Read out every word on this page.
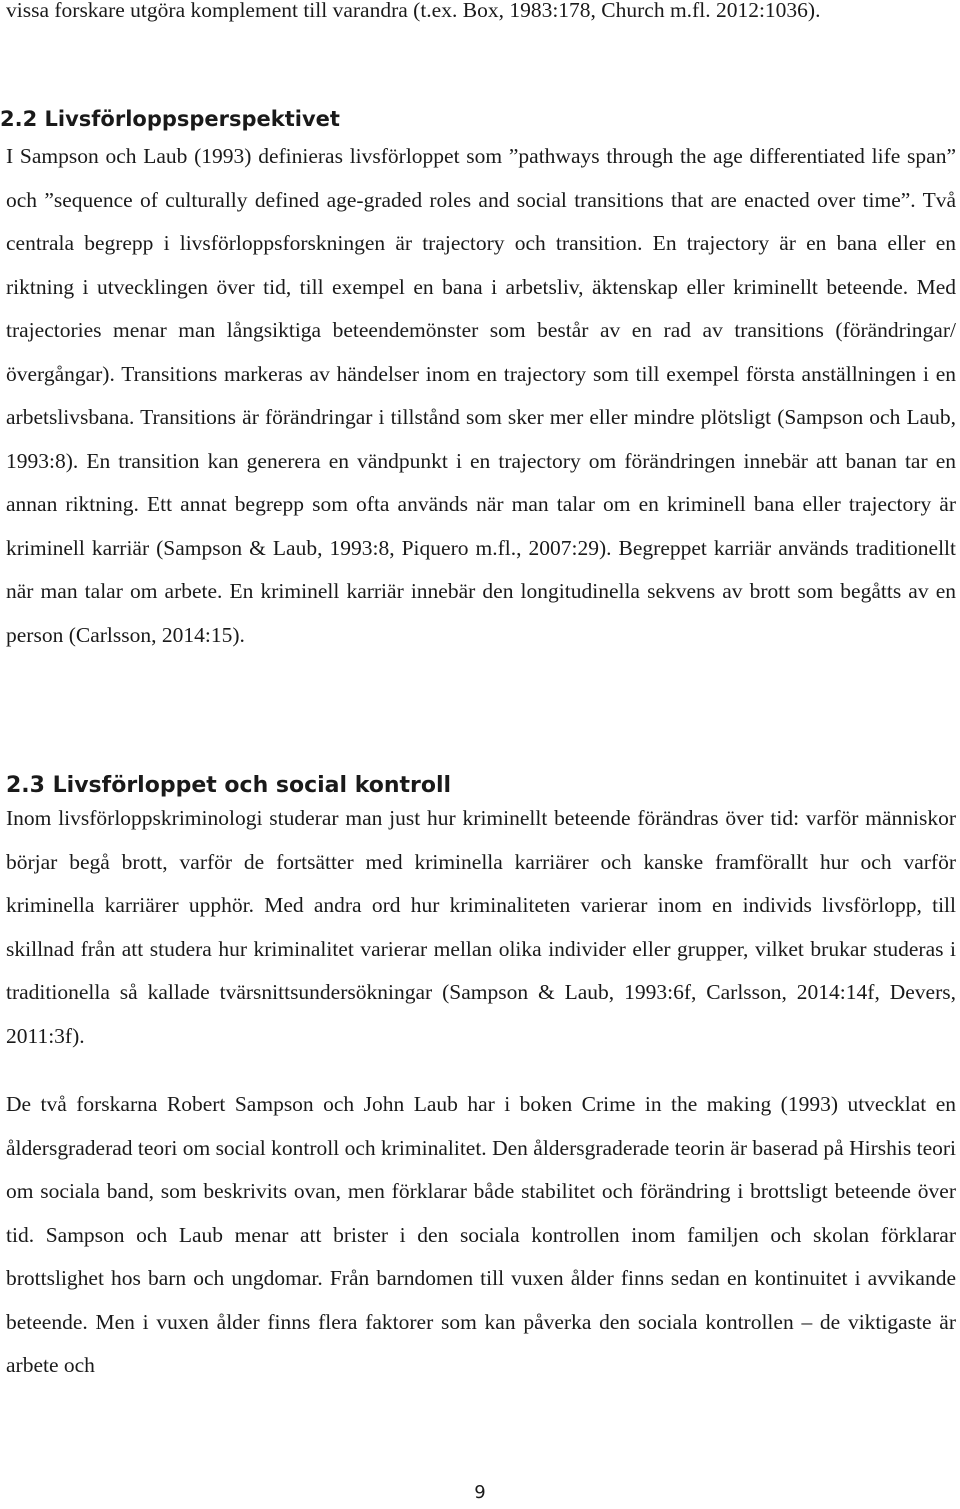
vissa forskare utgöra komplement till varandra (t.ex. Box, 1983:178, Church m.fl. 2012:1036).

2.2 Livsförloppsperspektivet

I Sampson och Laub (1993) definieras livsförloppet som ”pathways through the age differentiated life span” och ”sequence of culturally defined age-graded roles and social transitions that are enacted over time”. Två centrala begrepp i livsförloppsforskningen är trajectory och transition. En trajectory är en bana eller en riktning i utvecklingen över tid, till exempel en bana i arbetsliv, äktenskap eller kriminellt beteende. Med trajectories menar man långsiktiga beteendemönster som består av en rad av transitions (förändringar/övergångar). Transitions markeras av händelser inom en trajectory som till exempel första anställningen i en arbetslivsbana. Transitions är förändringar i tillstånd som sker mer eller mindre plötsligt (Sampson och Laub, 1993:8). En transition kan generera en vändpunkt i en trajectory om förändringen innebär att banan tar en annan riktning. Ett annat begrepp som ofta används när man talar om en kriminell bana eller trajectory är kriminell karriär (Sampson & Laub, 1993:8, Piquero m.fl., 2007:29). Begreppet karriär används traditionellt när man talar om arbete. En kriminell karriär innebär den longitudinella sekvens av brott som begåtts av en person (Carlsson, 2014:15).

2.3 Livsförloppet och social kontroll

Inom livsförloppskriminologi studerar man just hur kriminellt beteende förändras över tid: varför människor börjar begå brott, varför de fortsätter med kriminella karriärer och kanske framförallt hur och varför kriminella karriärer upphör. Med andra ord hur kriminaliteten varierar inom en individs livsförlopp, till skillnad från att studera hur kriminalitet varierar mellan olika individer eller grupper, vilket brukar studeras i traditionella så kallade tvärsnittsundersökningar (Sampson & Laub, 1993:6f, Carlsson, 2014:14f, Devers, 2011:3f).

De två forskarna Robert Sampson och John Laub har i boken Crime in the making (1993) utvecklat en åldersgraderad teori om social kontroll och kriminalitet. Den åldersgraderade teorin är baserad på Hirshis teori om sociala band, som beskrivits ovan, men förklarar både stabilitet och förändring i brottsligt beteende över tid. Sampson och Laub menar att brister i den sociala kontrollen inom familjen och skolan förklarar brottslighet hos barn och ungdomar. Från barndomen till vuxen ålder finns sedan en kontinuitet i avvikande beteende. Men i vuxen ålder finns flera faktorer som kan påverka den sociala kontrollen – de viktigaste är arbete och

9
